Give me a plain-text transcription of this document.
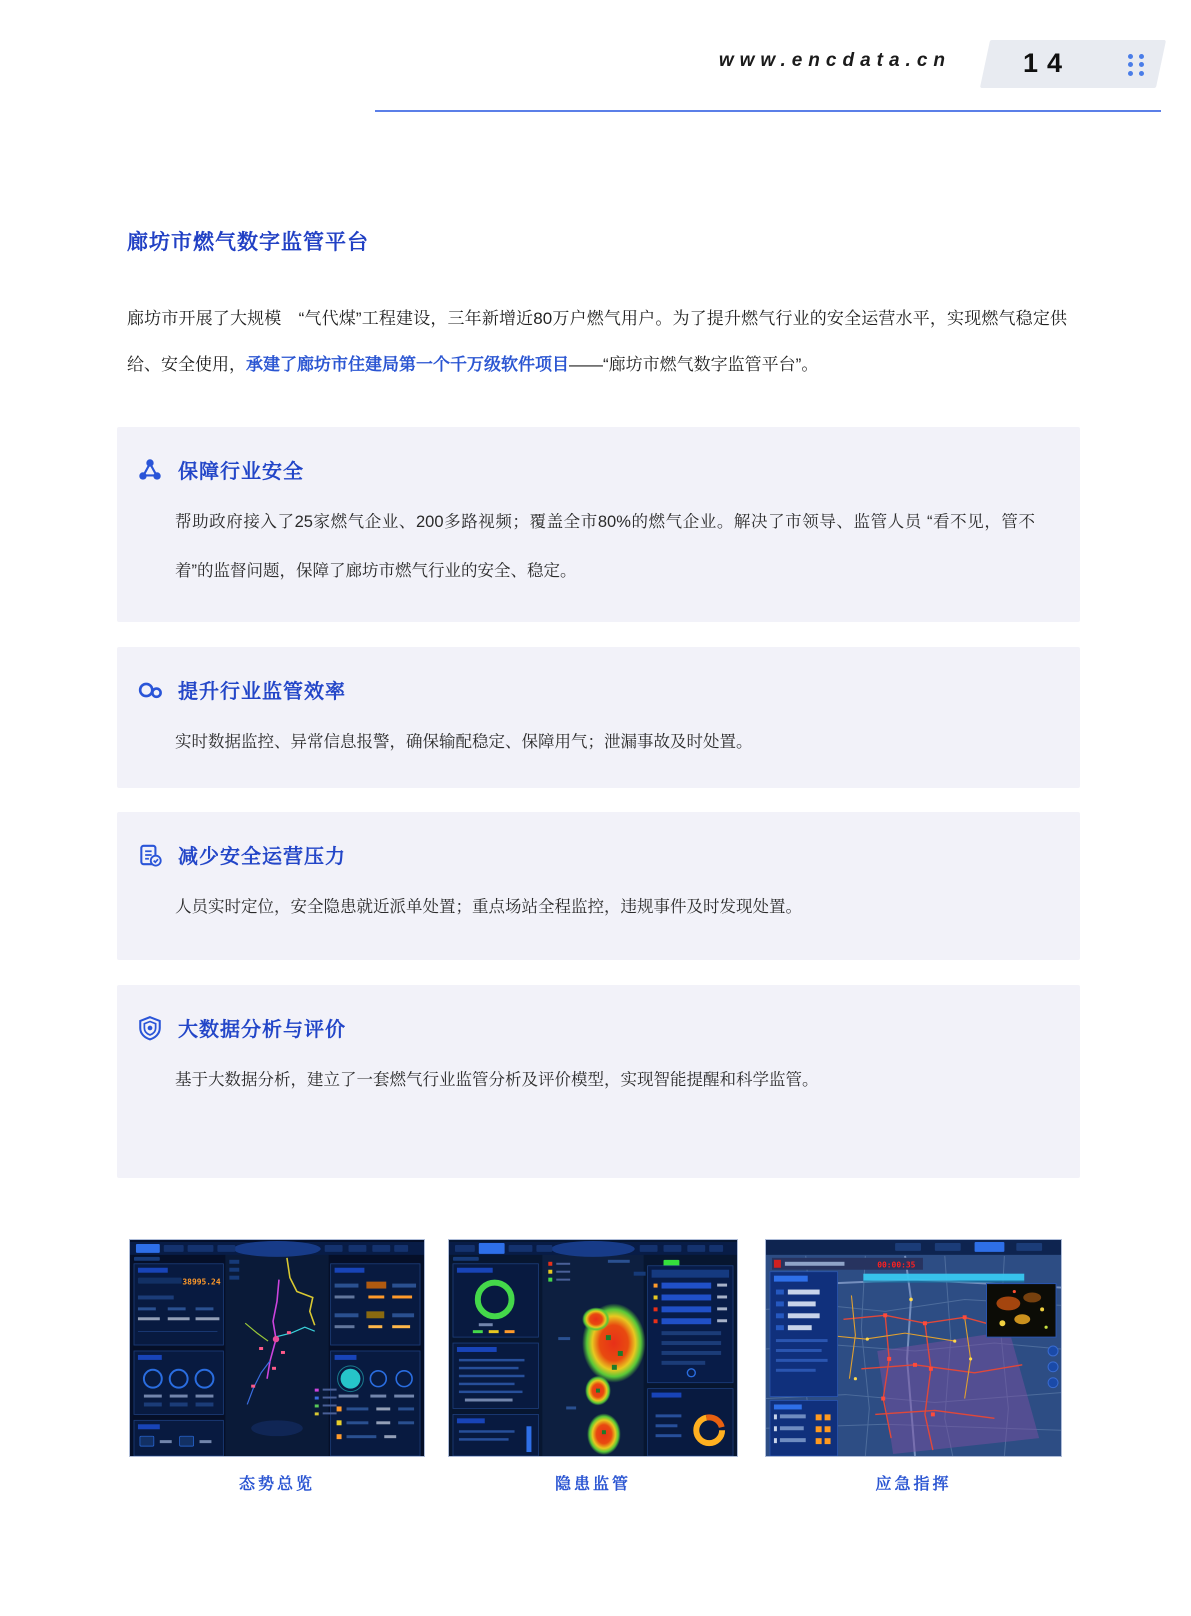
www.encdata.cn	14
廊坊市燃气数字监管平台

廊坊市开展了大规模　“气代煤”工程建设，三年新增近80万户燃气用户。为了提升燃气行业的安全运营水平，实现燃气稳定供给、安全使用，承建了廊坊市住建局第一个千万级软件项目——“廊坊市燃气数字监管平台”。

保障行业安全

帮助政府接入了25家燃气企业、200多路视频；覆盖全市80%的燃气企业。解决了市领导、监管人员 “看不见，管不着”的监督问题，保障了廊坊市燃气行业的安全、稳定。

提升行业监管效率

实时数据监控、异常信息报警，确保输配稳定、保障用气；泄漏事故及时处置。

减少安全运营压力

人员实时定位，安全隐患就近派单处置；重点场站全程监控，违规事件及时发现处置。

大数据分析与评价

基于大数据分析，建立了一套燃气行业监管分析及评价模型，实现智能提醒和科学监管。

38995.24
态势总览	隐患监管
00:00:35
应急指挥
